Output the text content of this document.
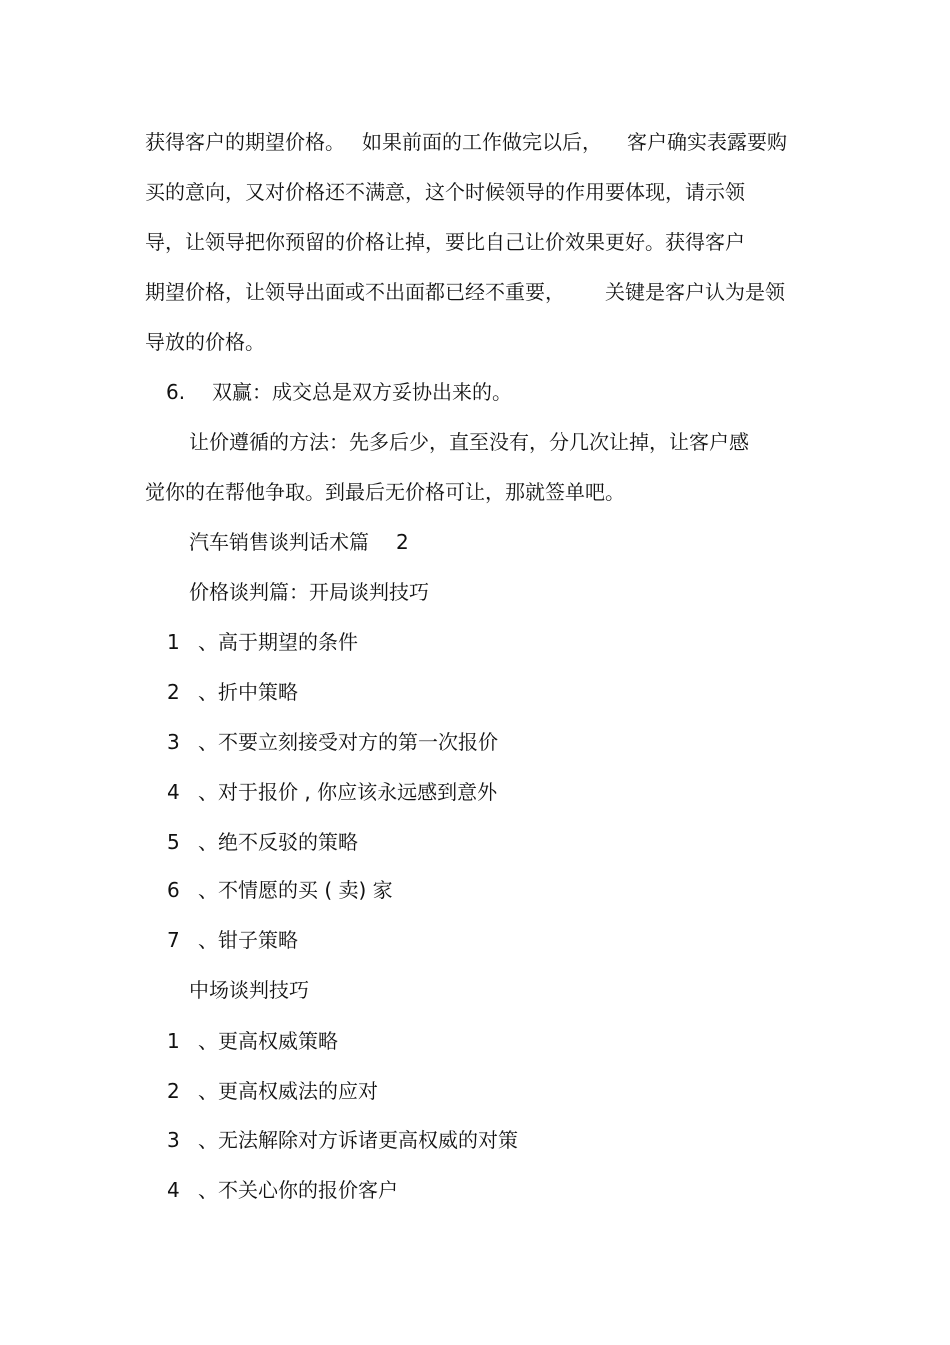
获得客户的期望价格。

如果前面的工作做完以后，

客户确实表露要购

买的意向，又对价格还不满意，这个时候领导的作用要体现，请示领

导，让领导把你预留的价格让掉，要比自己让价效果更好。获得客户

期望价格，让领导出面或不出面都已经不重要，

关键是客户认为是领

导放的价格。

6.

双赢：成交总是双方妥协出来的。

让价遵循的方法：先多后少，直至没有，分几次让掉，让客户感

觉你的在帮他争取。到最后无价格可让，那就签单吧。

汽车销售谈判话术篇

2

价格谈判篇：开局谈判技巧

1

、高于期望的条件

2

、折中策略

3

、不要立刻接受对方的第一次报价

4

、对于报价 , 你应该永远感到意外

5

、绝不反驳的策略

6

、不情愿的买 ( 卖) 家

7

、钳子策略

中场谈判技巧

1

、更高权威策略

2

、更高权威法的应对

3

、无法解除对方诉诸更高权威的对策

4

、不关心你的报价客户
